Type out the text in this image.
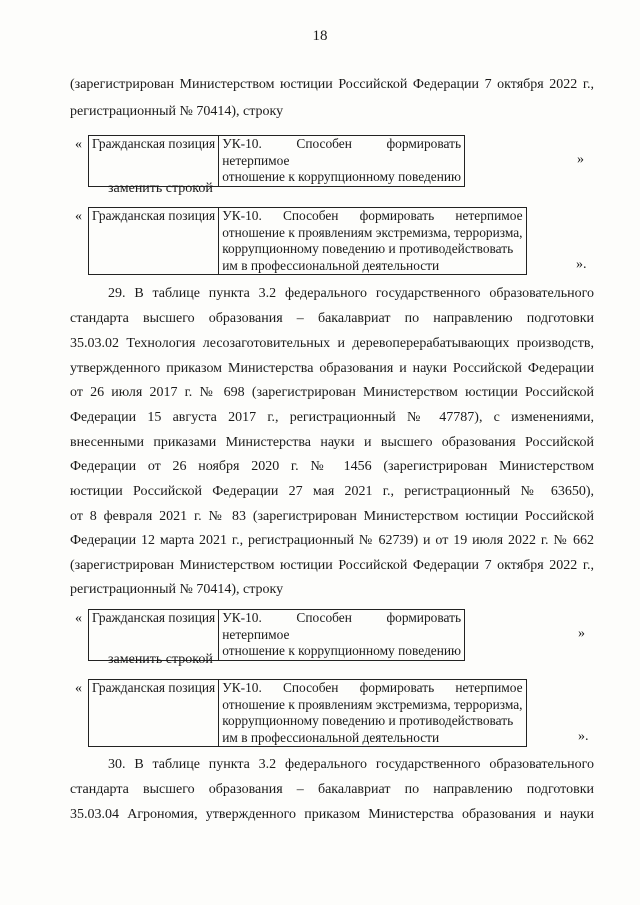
18
(зарегистрирован Министерством юстиции Российской Федерации 7 октября 2022 г.,
регистрационный № 70414), строку
« Гражданская позиция	УК-10. Способен формировать нетерпимое
отношение к коррупционному поведению
»
заменить строкой
« Гражданская позиция	УК-10. Способен формировать нетерпимое
отношение к проявлениям экстремизма, терроризма,
коррупционному поведению и противодействовать
им в профессиональной деятельности	».
29. В таблице пункта 3.2 федерального государственного образовательного
стандарта высшего образования – бакалавриат по направлению подготовки
35.03.02 Технология лесозаготовительных и деревоперерабатывающих производств,
утвержденного приказом Министерства образования и науки Российской Федерации
от 26 июля 2017 г. № 698 (зарегистрирован Министерством юстиции Российской
Федерации 15 августа 2017 г., регистрационный № 47787), с изменениями,
внесенными приказами Министерства науки и высшего образования Российской
Федерации от 26 ноября 2020 г. № 1456 (зарегистрирован Министерством
юстиции Российской Федерации 27 мая 2021 г., регистрационный № 63650),
от 8 февраля 2021 г. № 83 (зарегистрирован Министерством юстиции Российской
Федерации 12 марта 2021 г., регистрационный № 62739) и от 19 июля 2022 г. № 662
(зарегистрирован Министерством юстиции Российской Федерации 7 октября 2022 г.,
регистрационный № 70414), строку
« Гражданская позиция	УК-10. Способен формировать нетерпимое
отношение к коррупционному поведению
»
заменить строкой
« Гражданская позиция	УК-10. Способен формировать нетерпимое
отношение к проявлениям экстремизма, терроризма,
коррупционному поведению и противодействовать
им в профессиональной деятельности	».
30. В таблице пункта 3.2 федерального государственного образовательного
стандарта высшего образования – бакалавриат по направлению подготовки
35.03.04 Агрономия, утвержденного приказом Министерства образования и науки
